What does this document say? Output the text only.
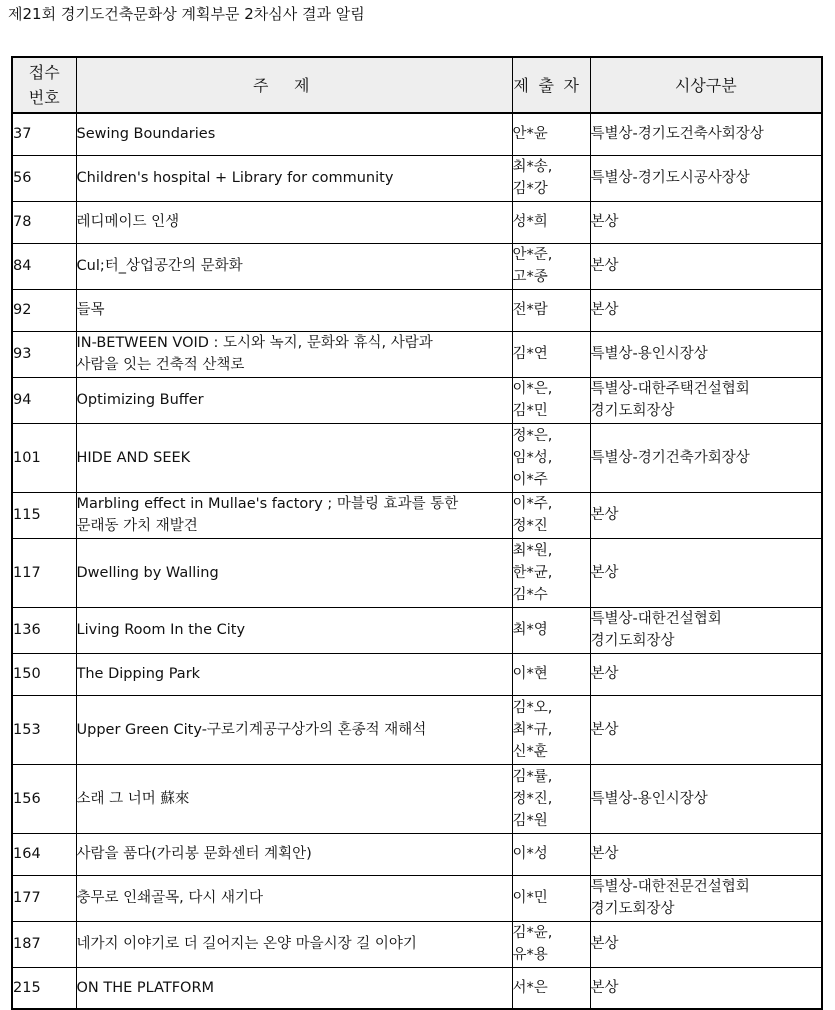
제21회 경기도건축문화상 계획부문 2차심사 결과 알림
접수
번호	주제	제출자	시상구분
37	Sewing Boundaries	안*윤	특별상-경기도건축사회장상

56	Children's hospital + Library for community	최*송,
김*강	특별상-경기도시공사장상

78	레디메이드 인생	성*희	본상

84	Cul;터_상업공간의 문화화	안*준,
고*종	본상

92	들목	전*람	본상

93	IN-BETWEEN VOID : 도시와 녹지, 문화와 휴식, 사람과
사람을 잇는 건축적 산책로	김*연	특별상-용인시장상

94	Optimizing Buffer	이*은,
김*민	특별상-대한주택건설협회
경기도회장상

101	HIDE AND SEEK	정*은,
임*성,
이*주	특별상-경기건축가회장상

115	Marbling effect in Mullae's factory ; 마블링 효과를 통한
문래동 가치 재발견	이*주,
정*진	본상

117	Dwelling by Walling	최*원,
한*균,
김*수	본상

136	Living Room In the City	최*영	특별상-대한건설협회
경기도회장상

150	The Dipping Park	이*현	본상

153	Upper Green City-구로기계공구상가의 혼종적 재해석	김*오,
최*규,
신*훈	본상

156	소래 그 너머 蘇來	김*률,
정*진,
김*원	특별상-용인시장상

164	사람을 품다(가리봉 문화센터 계획안)	이*성	본상

177	충무로 인쇄골목, 다시 새기다	이*민	특별상-대한전문건설협회
경기도회장상

187	네가지 이야기로 더 길어지는 온양 마을시장 길 이야기	김*윤,
유*용	본상

215	ON THE PLATFORM	서*은	본상
